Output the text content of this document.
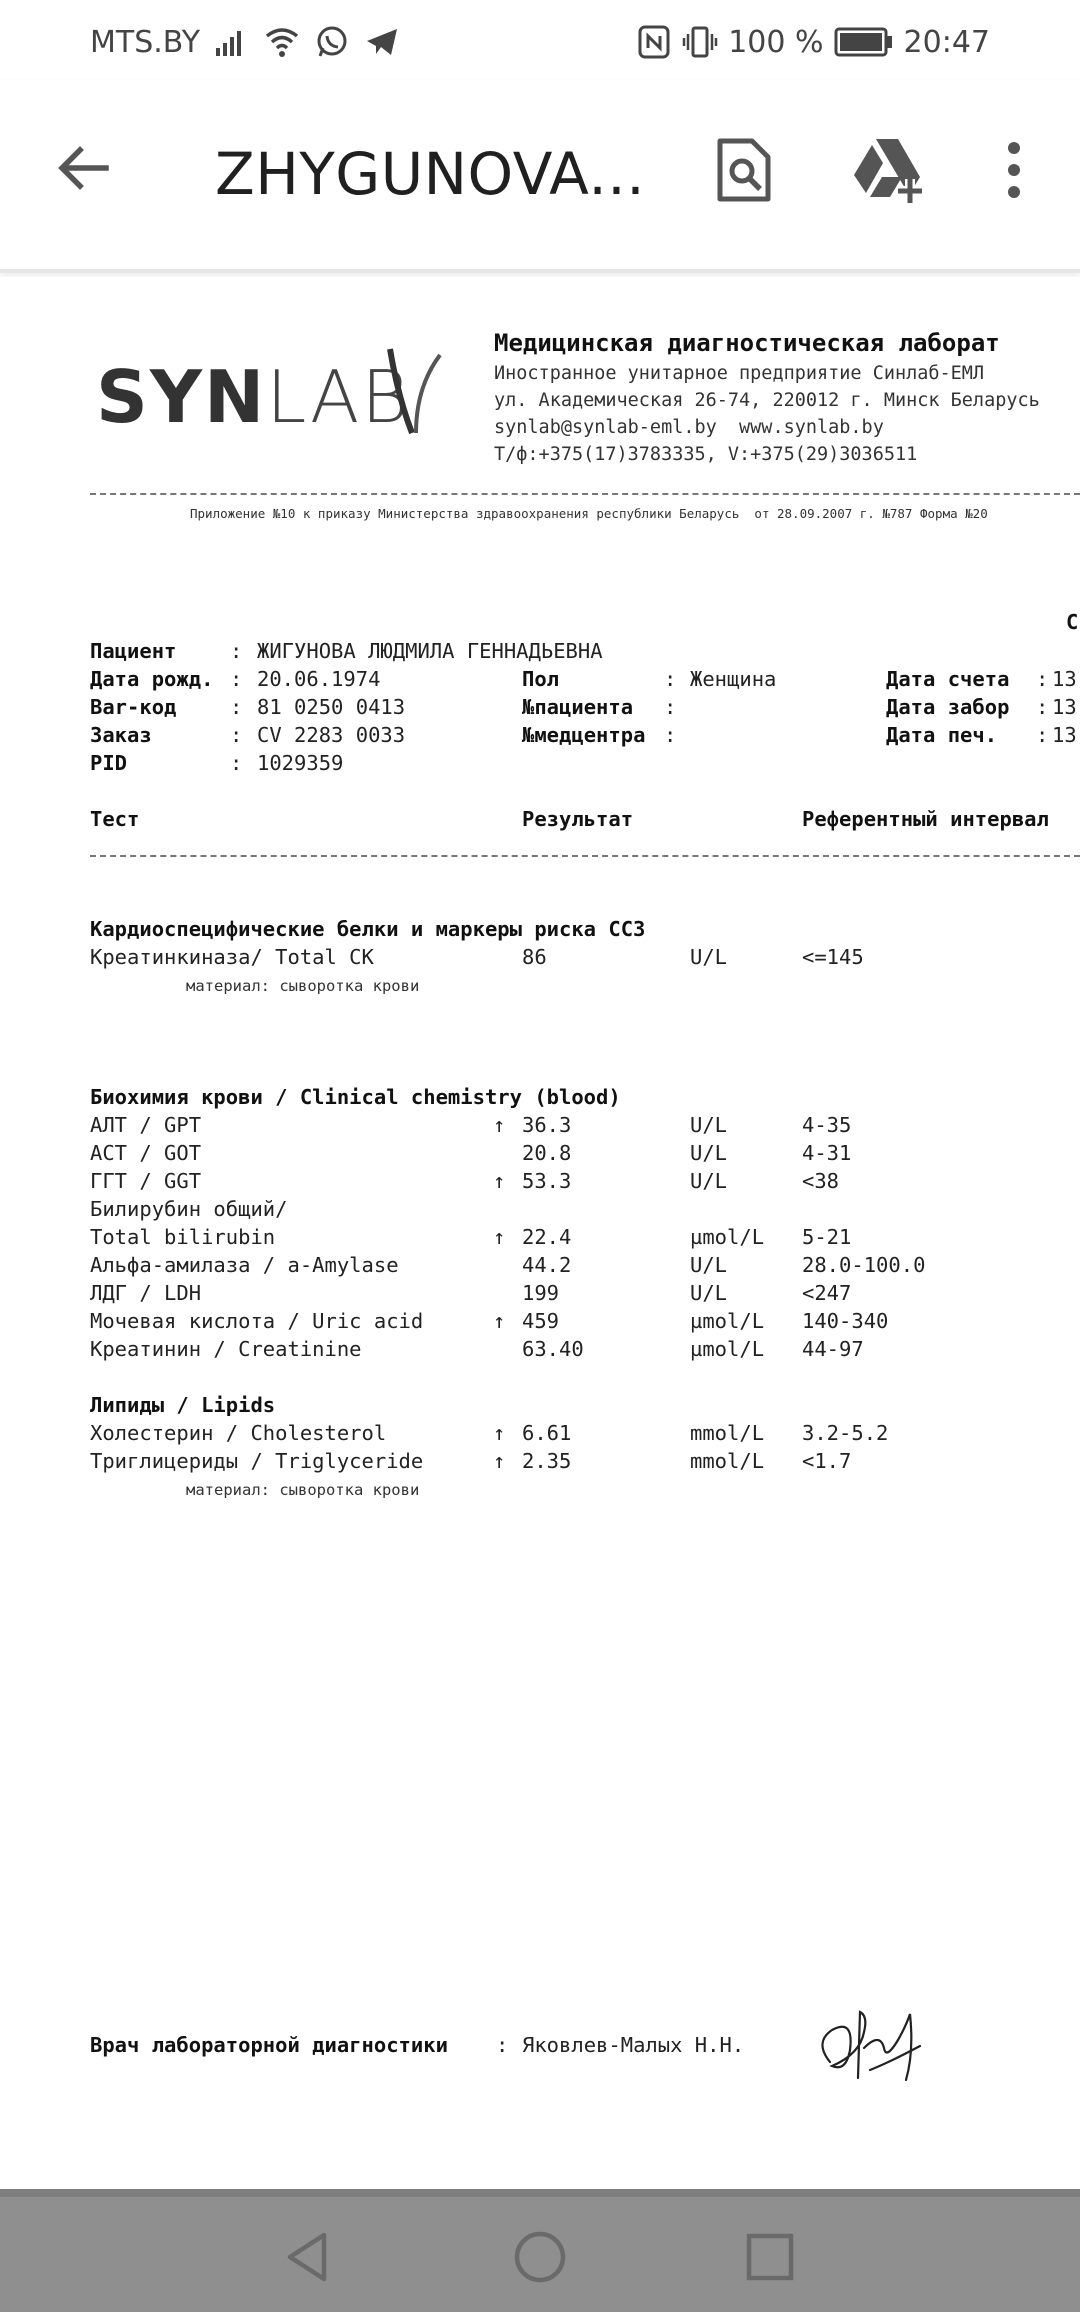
MTS.BY	100 %	20:47
ZHYGUNOVA...
SYNLAB
Медицинская диагностическая лаборат
Иностранное унитарное предприятие Синлаб-ЕМЛ
ул. Академическая 26-74, 220012 г. Минск Беларусь
synlab@synlab-eml.by  www.synlab.by
Т/ф:+375(17)3783335, V:+375(29)3036511
Приложение №10 к приказу Министерства здравоохранения республики Беларусь  от 28.09.2007 г. №787 Форма №20
С
Пациент	: ЖИГУНОВА ЛЮДМИЛА ГЕННАДЬЕВНА
Дата рожд. : 20.06.1974	Пол	: Женщина	Дата счета : 13
Bar-код	: 81 0250 0413	№пациента :	Дата забор : 13
Заказ	: CV 2283 0033	№медцентра :	Дата печ. : 13
PID	: 1029359
Тест	Результат	Референтный интервал
Кардиоспецифические белки и маркеры риска ССЗ
Креатинкиназа/ Total CK	86	U/L	<=145
материал: сыворотка крови
Биохимия крови / Clinical chemistry (blood)
АЛТ / GPT	↑ 36.3	U/L	4-35
АСТ / GOT	20.8	U/L	4-31
ГГТ / GGT	↑ 53.3	U/L	<38
Билирубин общий/
Total bilirubin	↑ 22.4	µmol/L 5-21
Альфа-амилаза / a-Amylase	44.2	U/L	28.0-100.0
ЛДГ / LDH	199	U/L	<247
Мочевая кислота / Uric acid	↑ 459	µmol/L 140-340
Креатинин / Creatinine	63.40	µmol/L 44-97
Липиды / Lipids
Холестерин / Cholesterol	↑ 6.61	mmol/L 3.2-5.2
Триглицериды / Triglyceride	↑ 2.35	mmol/L <1.7
материал: сыворотка крови
Врач лабораторной диагностики : Яковлев-Малых Н.Н.
